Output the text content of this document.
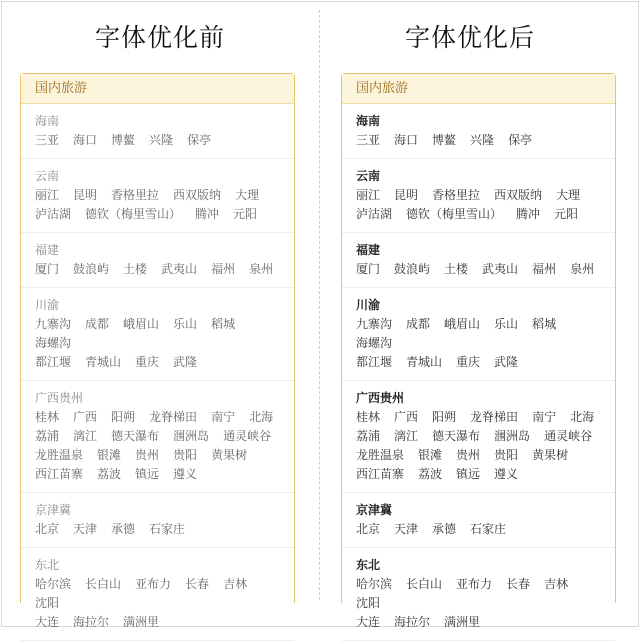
字体优化前	字体优化后
国内旅游
海南
三亚 海口 博鳌 兴隆 保亭
云南
丽江 昆明 香格里拉 西双版纳 大理
泸沽湖 德钦（梅里雪山） 腾冲 元阳
福建
厦门 鼓浪屿 土楼 武夷山 福州 泉州
川渝
九寨沟 成都 峨眉山 乐山 稻城海螺沟
都江堰 青城山 重庆 武隆
广西贵州
桂林 广西 阳朔 龙脊梯田 南宁 北海
荔浦 漓江 德天瀑布 涠洲岛 通灵峡谷
龙胜温泉 银滩 贵州 贵阳 黄果树
西江苗寨 荔波 镇远 遵义
京津冀
北京 天津 承德 石家庄
东北
哈尔滨 长白山 亚布力 长春 吉林沈阳
大连 海拉尔 满洲里
国内旅游
海南
三亚 海口 博鳌 兴隆 保亭
云南
丽江 昆明 香格里拉 西双版纳 大理
泸沽湖 德钦（梅里雪山） 腾冲 元阳
福建
厦门 鼓浪屿 土楼 武夷山 福州 泉州
川渝
九寨沟 成都 峨眉山 乐山 稻城海螺沟
都江堰 青城山 重庆 武隆
广西贵州
桂林 广西 阳朔 龙脊梯田 南宁 北海
荔浦 漓江 德天瀑布 涠洲岛 通灵峡谷
龙胜温泉 银滩 贵州 贵阳 黄果树
西江苗寨 荔波 镇远 遵义
京津冀
北京 天津 承德 石家庄
东北
哈尔滨 长白山 亚布力 长春 吉林沈阳
大连 海拉尔 满洲里
